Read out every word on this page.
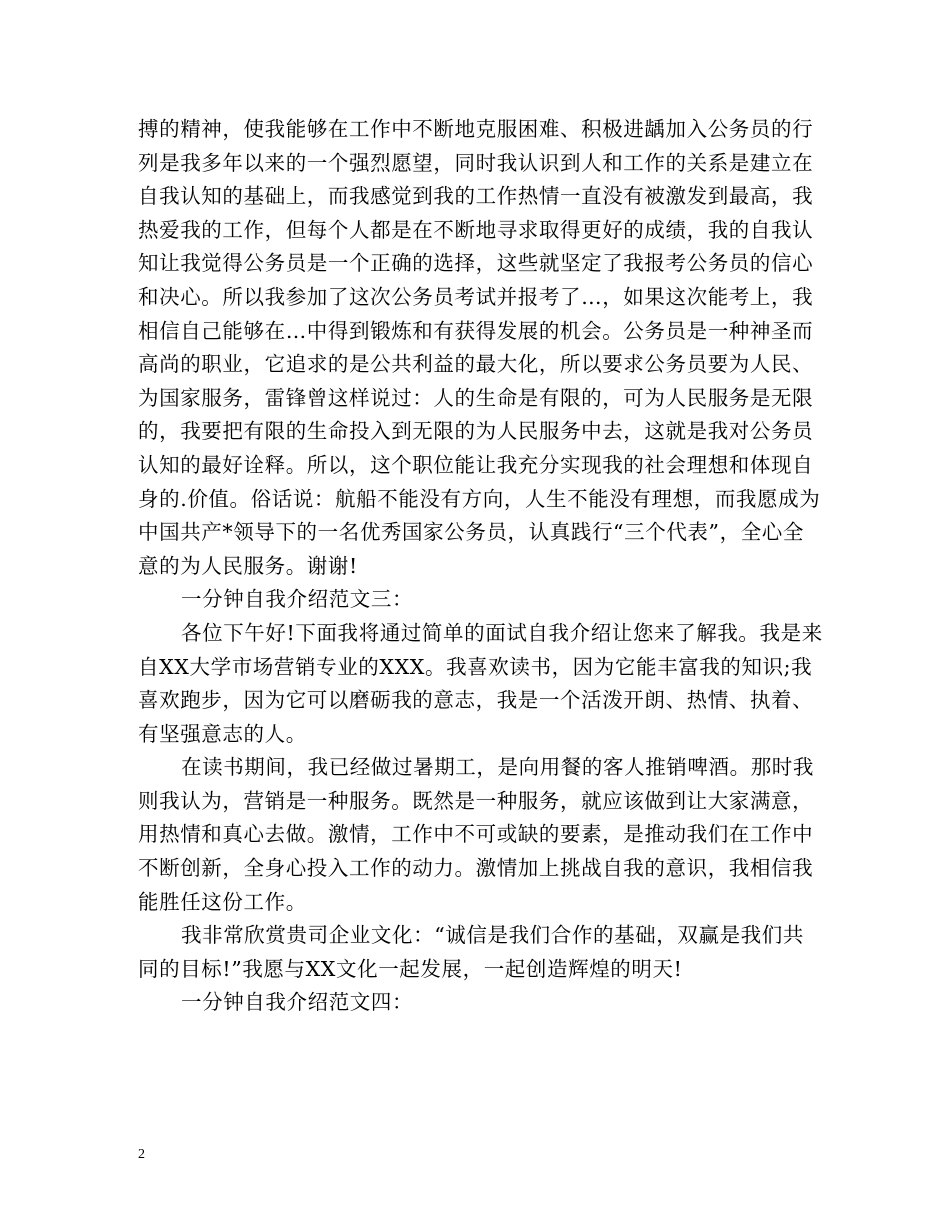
搏的精神，使我能够在工作中不断地克服困难、积极进龋加入公务员的行列是我多年以来的一个强烈愿望，同时我认识到人和工作的关系是建立在自我认知的基础上，而我感觉到我的工作热情一直没有被激发到最高，我热爱我的工作，但每个人都是在不断地寻求取得更好的成绩，我的自我认知让我觉得公务员是一个正确的选择，这些就坚定了我报考公务员的信心和决心。所以我参加了这次公务员考试并报考了…，如果这次能考上，我相信自己能够在…中得到锻炼和有获得发展的机会。公务员是一种神圣而高尚的职业，它追求的是公共利益的最大化，所以要求公务员要为人民、为国家服务，雷锋曾这样说过：人的生命是有限的，可为人民服务是无限的，我要把有限的生命投入到无限的为人民服务中去，这就是我对公务员认知的最好诠释。所以，这个职位能让我充分实现我的社会理想和体现自身的.价值。俗话说：航船不能没有方向，人生不能没有理想，而我愿成为中国共产*领导下的一名优秀国家公务员，认真践行“三个代表”，全心全意的为人民服务。谢谢!

一分钟自我介绍范文三：

各位下午好!下面我将通过简单的面试自我介绍让您来了解我。我是来自XX大学市场营销专业的XXX。我喜欢读书，因为它能丰富我的知识;我喜欢跑步，因为它可以磨砺我的意志，我是一个活泼开朗、热情、执着、有坚强意志的人。

在读书期间，我已经做过暑期工，是向用餐的客人推销啤酒。那时我则我认为，营销是一种服务。既然是一种服务，就应该做到让大家满意，用热情和真心去做。激情，工作中不可或缺的要素，是推动我们在工作中不断创新，全身心投入工作的动力。激情加上挑战自我的意识，我相信我能胜任这份工作。

我非常欣赏贵司企业文化：“诚信是我们合作的基础，双赢是我们共同的目标!”我愿与XX文化一起发展，一起创造辉煌的明天!

一分钟自我介绍范文四：

2
